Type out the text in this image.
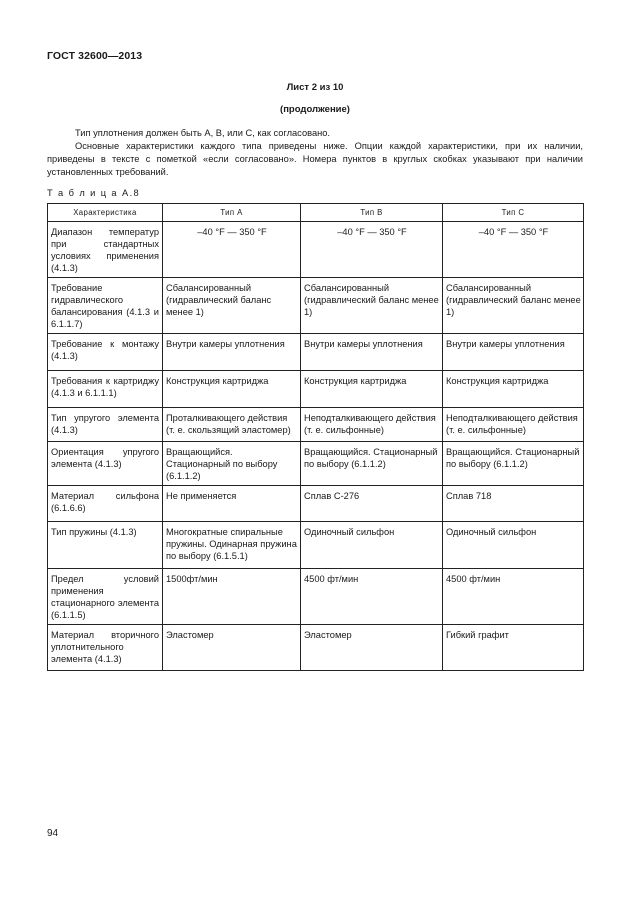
ГОСТ 32600—2013
Лист 2 из 10
(продолжение)
Тип уплотнения должен быть А, В, или С, как согласовано.
Основные характеристики каждого типа приведены ниже. Опции каждой характеристики, при их наличии, приведены в тексте с пометкой «если согласовано». Номера пунктов в круглых скобках указывают при наличии установленных требований.
Т а б л и ц а А.8
Характеристика	Тип А	Тип В	Тип С
Диапазон температур при стандартных условиях применения (4.1.3)	–40 °F — 350 °F	–40 °F — 350 °F	–40 °F — 350 °F
Требование гидравлического балансирования (4.1.3 и 6.1.1.7)	Сбалансированный (гидравлический баланс менее 1)	Сбалансированный (гидравлический баланс менее 1)	Сбалансированный (гидравлический баланс менее 1)
Требование к монтажу (4.1.3)	Внутри камеры уплотнения	Внутри камеры уплотнения	Внутри камеры уплотнения
Требования к картриджу (4.1.3 и 6.1.1.1)	Конструкция картриджа	Конструкция картриджа	Конструкция картриджа
Тип упругого элемента (4.1.3)	Проталкивающего действия (т. е. скользящий эластомер)	Неподталкивающего действия (т. е. сильфонные)	Неподталкивающего действия (т. е. сильфонные)
Ориентация упругого элемента (4.1.3)	Вращающийся. Стационарный по выбору (6.1.1.2)	Вращающийся. Стационарный по выбору (6.1.1.2)	Вращающийся. Стационарный по выбору (6.1.1.2)
Материал сильфона (6.1.6.6)	Не применяется	Сплав С-276	Сплав 718
Тип пружины (4.1.3)	Многократные спиральные пружины. Одинарная пружина по выбору (6.1.5.1)	Одиночный сильфон	Одиночный сильфон
Предел условий применения стационарного элемента (6.1.1.5)	1500фт/мин	4500 фт/мин	4500 фт/мин
Материал вторичного уплотнительного элемента (4.1.3)	Эластомер	Эластомер	Гибкий графит
94
